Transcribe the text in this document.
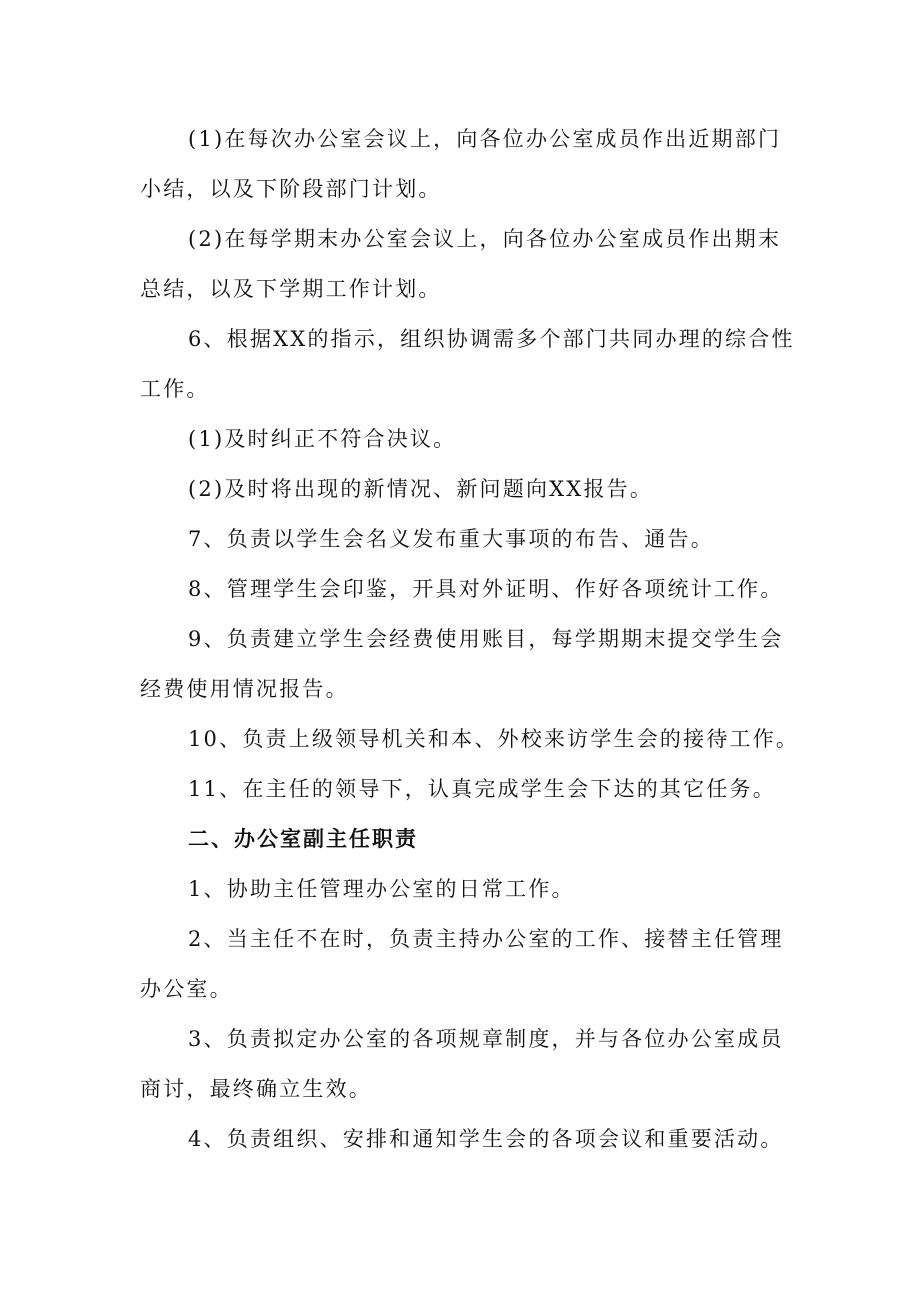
(1)在每次办公室会议上，向各位办公室成员作出近期部门

小结，以及下阶段部门计划。

(2)在每学期末办公室会议上，向各位办公室成员作出期末

总结，以及下学期工作计划。

6、根据XX的指示，组织协调需多个部门共同办理的综合性

工作。

(1)及时纠正不符合决议。

(2)及时将出现的新情况、新问题向XX报告。

7、负责以学生会名义发布重大事项的布告、通告。

8、管理学生会印鉴，开具对外证明、作好各项统计工作。

9、负责建立学生会经费使用账目，每学期期末提交学生会

经费使用情况报告。

10、负责上级领导机关和本、外校来访学生会的接待工作。

11、在主任的领导下，认真完成学生会下达的其它任务。

二、办公室副主任职责

1、协助主任管理办公室的日常工作。

2、当主任不在时，负责主持办公室的工作、接替主任管理

办公室。

3、负责拟定办公室的各项规章制度，并与各位办公室成员

商讨，最终确立生效。

4、负责组织、安排和通知学生会的各项会议和重要活动。
